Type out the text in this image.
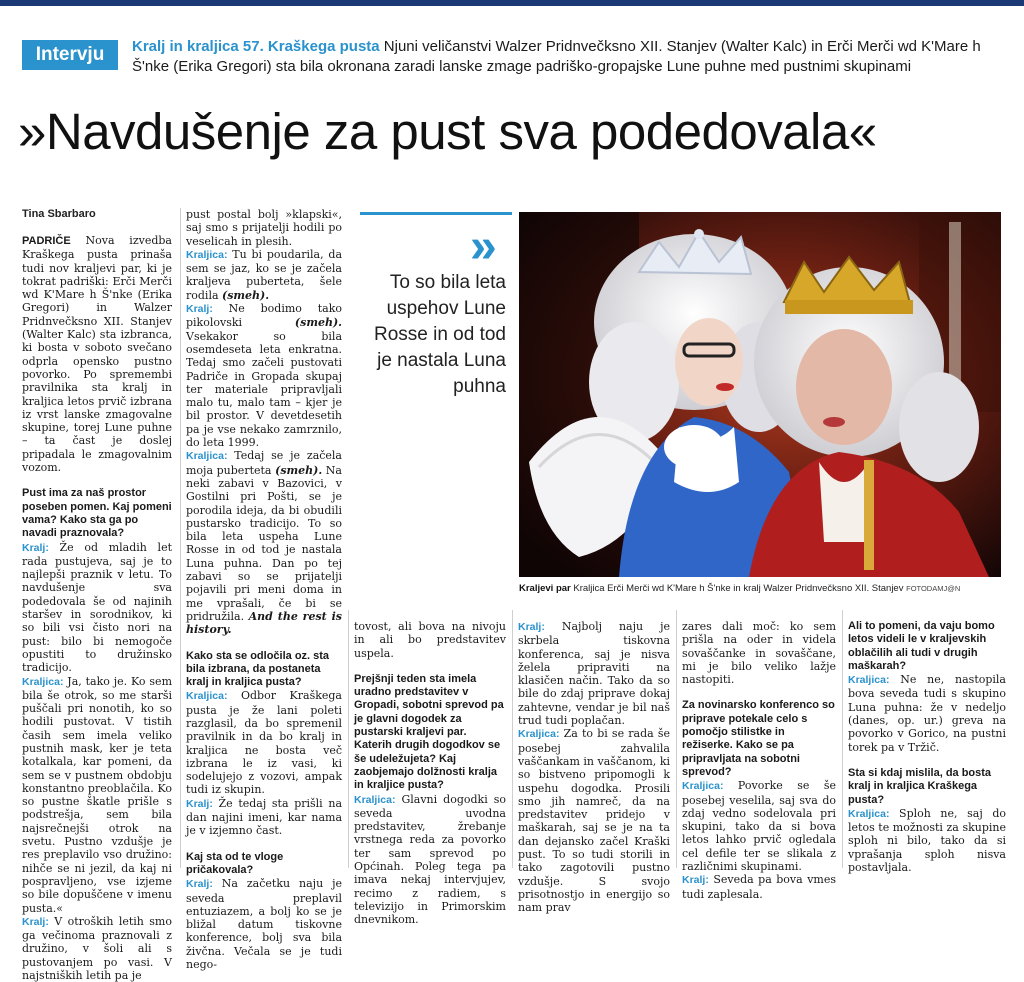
Intervju	Kralj in kraljica 57. Kraškega pusta Njuni veličanstvi Walzer Pridnvečksno XII. Stanjev (Walter Kalc) in Erči Merči wd K'Mare h Š'nke (Erika Gregori) sta bila okronana zaradi lanske zmage padriško-gropajske Lune puhne med pustnimi skupinami
»Navdušenje za pust sva podedovala«
Tina Sbarbaro

PADRIČE Nova izvedba Kraškega pusta prinaša tudi nov kraljevi par, ki je tokrat padriški: Erči Merči wd K'Mare h Š'nke (Erika Gregori) in Walzer Pridnvečksno XII. Stanjev (Walter Kalc) sta izbranca, ki bosta v soboto svečano odprla opensko pustno povorko. Po spremembi pravilnika sta kralj in kraljica letos prvič izbrana iz vrst lanske zmagovalne skupine, torej Lune puhne – ta čast je doslej pripadala le zmagovalnim vozom.

Pust ima za naš prostor poseben pomen. Kaj pomeni vama? Kako sta ga po navadi praznovala?

Kralj: Že od mladih let rada pustujeva, saj je to najlepši praznik v letu. To navdušenje sva podedovala še od najinih staršev in sorodnikov, ki so bili vsi čisto nori na pust: bilo bi nemogoče opustiti to družinsko tradicijo.

Kraljica: Ja, tako je. Ko sem bila še otrok, so me starši puščali pri nonotih, ko so hodili pustovat. V tistih časih sem imela veliko pustnih mask, ker je teta kotalkala, kar pomeni, da sem se v pustnem obdobju konstantno preoblačila. Ko so pustne škatle prišle s podstrešja, sem bila najsrečnejši otrok na svetu. Pustno vzdušje je res preplavilo vso družino: nihče se ni jezil, da kaj ni pospravljeno, vse izjeme so bile dopuščene v imenu pusta.«

Kralj: V otroških letih smo ga večinoma praznovali z družino, v šoli ali s pustovanjem po vasi. V najstniških letih pa je

pust postal bolj »klapski«, saj smo s prijatelji hodili po veselicah in plesih.

Kraljica: Tu bi poudarila, da sem se jaz, ko se je začela kraljeva puberteta, šele rodila (smeh).

Kralj: Ne bodimo tako pikolovski (smeh). Vsekakor so bila osemdeseta leta enkratna. Tedaj smo začeli pustovati Padriče in Gropada skupaj ter materiale pripravljali malo tu, malo tam – kjer je bil prostor. V devetdesetih pa je vse nekako zamrznilo, do leta 1999.

Kraljica: Tedaj se je začela moja puberteta (smeh). Na neki zabavi v Bazovici, v Gostilni pri Pošti, se je porodila ideja, da bi obudili pustarsko tradicijo. To so bila leta uspeha Lune Rosse in od tod je nastala Luna puhna. Dan po tej zabavi so se prijatelji pojavili pri meni doma in me vprašali, če bi se pridružila. And the rest is history.

Kako sta se odločila oz. sta bila izbrana, da postaneta kralj in kraljica pusta?

Kraljica: Odbor Kraškega pusta je že lani poleti razglasil, da bo spremenil pravilnik in da bo kralj in kraljica ne bosta več izbrana le iz vasi, ki sodelujejo z vozovi, ampak tudi iz skupin.

Kralj: Že tedaj sta prišli na dan najini imeni, kar nama je v izjemno čast.

Kaj sta od te vloge pričakovala?

Kralj: Na začetku naju je seveda preplavil entuziazem, a bolj ko se je bližal datum tiskovne konference, bolj sva bila živčna. Večala se je tudi nego-

»
To so bila leta uspehov Lune Rosse in od tod je nastala Luna puhna

tovost, ali bova na nivoju in ali bo predstavitev uspela.

Prejšnji teden sta imela uradno predstavitev v Gropadi, sobotni sprevod pa je glavni dogodek za pustarski kraljevi par. Katerih drugih dogodkov se še udeležujeta? Kaj zaobjemajo dolžnosti kralja in kraljice pusta?

Kraljica: Glavni dogodki so seveda uvodna predstavitev, žrebanje vrstnega reda za povorko ter sam sprevod po Općinah. Poleg tega pa imava nekaj intervjujev, recimo z radiem, s televizijo in Primorskim dnevnikom.

Kraljevi par Kraljica Erči Merči wd K'Mare h Š'nke in kralj Walzer Pridnvečksno XII. Stanjev FOTODAMJ@N

Kralj: Najbolj naju je skrbela tiskovna konferenca, saj je nisva želela pripraviti na klasičen način. Tako da so bile do zdaj priprave dokaj zahtevne, vendar je bil naš trud tudi poplačan.

Kraljica: Za to bi se rada še posebej zahvalila vaščankam in vaščanom, ki so bistveno pripomogli k uspehu dogodka. Prosili smo jih namreč, da na predstavitev pridejo v maškarah, saj se je na ta dan dejansko začel Kraški pust. To so tudi storili in tako zagotovili pustno vzdušje. S svojo prisotnostjo in energijo so nam prav

zares dali moč: ko sem prišla na oder in videla sovaščanke in sovaščane, mi je bilo veliko lažje nastopiti.

Za novinarsko konferenco so priprave potekale celo s pomočjo stilistke in režiserke. Kako se pa pripravljata na sobotni sprevod?

Kraljica: Povorke se še posebej veselila, saj sva do zdaj vedno sodelovala pri skupini, tako da si bova letos lahko prvič ogledala cel defile ter se slikala z različnimi skupinami.

Kralj: Seveda pa bova vmes tudi zaplesala.

Ali to pomeni, da vaju bomo letos videli le v kraljevskih oblačilih ali tudi v drugih maškarah?

Kraljica: Ne ne, nastopila bova seveda tudi s skupino Luna puhna: že v nedeljo (danes, op. ur.) greva na povorko v Gorico, na pustni torek pa v Tržič.

Sta si kdaj mislila, da bosta kralj in kraljica Kraškega pusta?

Kraljica: Sploh ne, saj do letos te možnosti za skupine sploh ni bilo, tako da si vprašanja sploh nisva postavljala.
